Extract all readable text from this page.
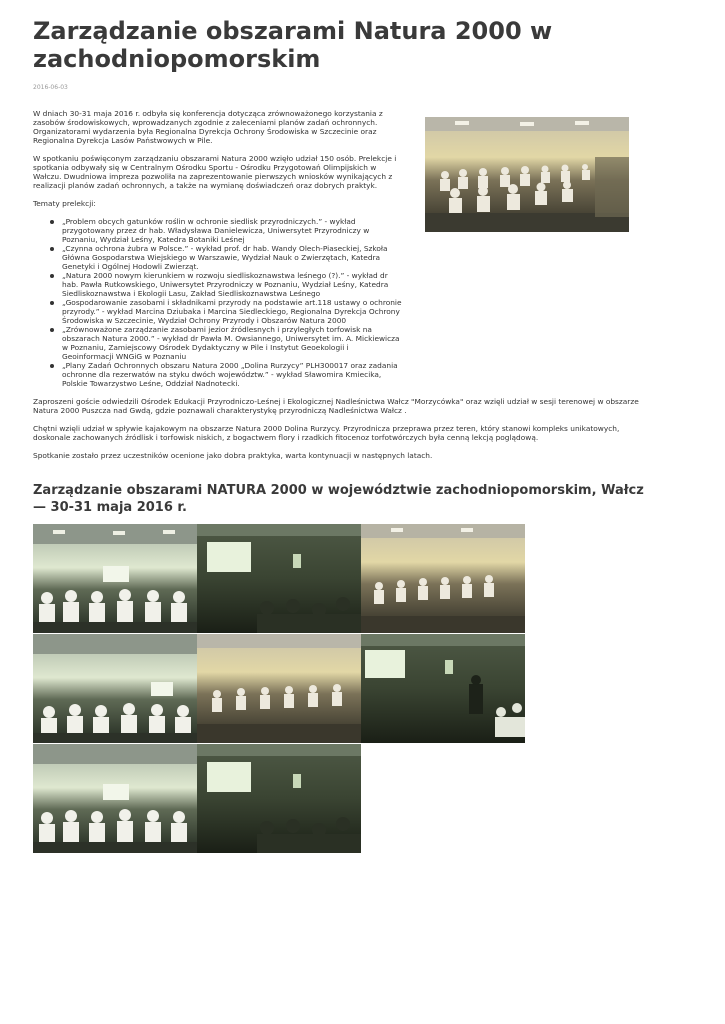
Zarządzanie obszarami Natura 2000 w zachodniopomorskim
2016-06-03

W dniach 30-31 maja 2016 r. odbyła się konferencja dotycząca zrównoważonego korzystania z zasobów środowiskowych, wprowadzanych zgodnie z zaleceniami planów zadań ochronnych. Organizatorami wydarzenia była Regionalna Dyrekcja Ochrony Środowiska w Szczecinie oraz Regionalna Dyrekcja Lasów Państwowych w Pile.

W spotkaniu poświęconym zarządzaniu obszarami Natura 2000 wzięło udział 150 osób. Prelekcje i spotkania odbywały się w Centralnym Ośrodku Sportu - Ośrodku Przygotowań Olimpijskich w Wałczu. Dwudniowa impreza pozwoliła na zaprezentowanie pierwszych wniosków wynikających z realizacji planów zadań ochronnych, a także na wymianę doświadczeń oraz dobrych praktyk.

Tematy prelekcji:

„Problem obcych gatunków roślin w ochronie siedlisk przyrodniczych.” - wykład przygotowany przez dr hab. Władysława Danielewicza, Uniwersytet Przyrodniczy w Poznaniu, Wydział Leśny, Katedra Botaniki Leśnej
„Czynna ochrona żubra w Polsce.” - wykład prof. dr hab. Wandy Olech-Piaseckiej, Szkoła Główna Gospodarstwa Wiejskiego w Warszawie, Wydział Nauk o Zwierzętach, Katedra Genetyki i Ogólnej Hodowli Zwierząt.
„Natura 2000 nowym kierunkiem w rozwoju siedliskoznawstwa leśnego (?).” - wykład dr hab. Pawła Rutkowskiego, Uniwersytet Przyrodniczy w Poznaniu, Wydział Leśny, Katedra Siedliskoznawstwa i Ekologii Lasu, Zakład Siedliskoznawstwa Leśnego
„Gospodarowanie zasobami i składnikami przyrody na podstawie art.118 ustawy o ochronie przyrody.” - wykład Marcina Dziubaka i Marcina Siedleckiego, Regionalna Dyrekcja Ochrony Środowiska w Szczecinie, Wydział Ochrony Przyrody i Obszarów Natura 2000
„Zrównoważone zarządzanie zasobami jezior źródlesnych i przyległych torfowisk na obszarach Natura 2000.” - wykład dr Pawła M. Owsiannego, Uniwersytet im. A. Mickiewicza w Poznaniu, Zamiejscowy Ośrodek Dydaktyczny w Pile i Instytut Geoekologii i Geoinformacji WNGiG w Poznaniu
„Plany Zadań Ochronnych obszaru Natura 2000 „Dolina Rurzycy” PLH300017 oraz zadania ochronne dla rezerwatów na styku dwóch województw.” - wykład Sławomira Kmiecika, Polskie Towarzystwo Leśne, Oddział Nadnotecki.

Zaproszeni goście odwiedzili Ośrodek Edukacji Przyrodniczo-Leśnej i Ekologicznej Nadleśnictwa Wałcz "Morzycówka" oraz wzięli udział w sesji terenowej w obszarze Natura 2000 Puszcza nad Gwdą, gdzie poznawali charakterystykę przyrodniczą Nadleśnictwa Wałcz .

Chętni wzięli udział w spływie kajakowym na obszarze Natura 2000 Dolina Rurzycy. Przyrodnicza przeprawa przez teren, który stanowi kompleks unikatowych, doskonale zachowanych źródlisk i torfowisk niskich, z bogactwem flory i rzadkich fitocenoz torfotwórczych była cenną lekcją poglądową.

Spotkanie zostało przez uczestników ocenione jako dobra praktyka, warta kontynuacji w następnych latach.

Zarządzanie obszarami NATURA 2000 w województwie zachodniopomorskim, Wałcz — 30-31 maja 2016 r.
